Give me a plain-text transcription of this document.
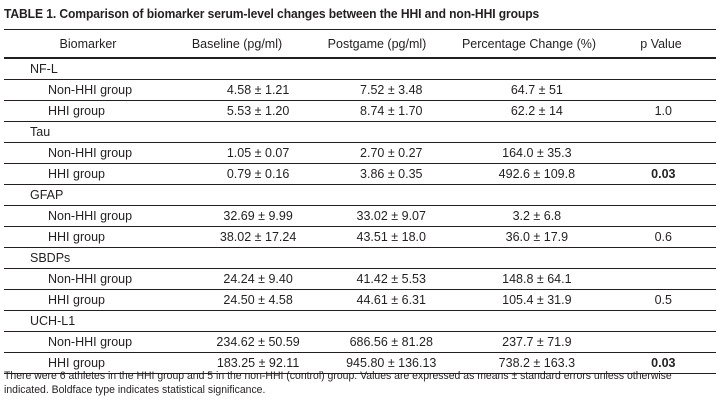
TABLE 1. Comparison of biomarker serum-level changes between the HHI and non-HHI groups
Biomarker	Baseline (pg/ml)	Postgame (pg/ml)	Percentage Change (%)	p Value
NF-L
Non-HHI group	4.58 ± 1.21	7.52 ± 3.48	64.7 ± 51
HHI group	5.53 ± 1.20	8.74 ± 1.70	62.2 ± 14	1.0
Tau
Non-HHI group	1.05 ± 0.07	2.70 ± 0.27	164.0 ± 35.3
HHI group	0.79 ± 0.16	3.86 ± 0.35	492.6 ± 109.8	0.03
GFAP
Non-HHI group	32.69 ± 9.99	33.02 ± 9.07	3.2 ± 6.8
HHI group	38.02 ± 17.24	43.51 ± 18.0	36.0 ± 17.9	0.6
SBDPs
Non-HHI group	24.24 ± 9.40	41.42 ± 5.53	148.8 ± 64.1
HHI group	24.50 ± 4.58	44.61 ± 6.31	105.4 ± 31.9	0.5
UCH-L1
Non-HHI group	234.62 ± 50.59	686.56 ± 81.28	237.7 ± 71.9
HHI group	183.25 ± 92.11	945.80 ± 136.13	738.2 ± 163.3	0.03
There were 6 athletes in the HHI group and 5 in the non-HHI (control) group. Values are expressed as means ± standard errors unless otherwise indicated. Boldface type indicates statistical significance.
